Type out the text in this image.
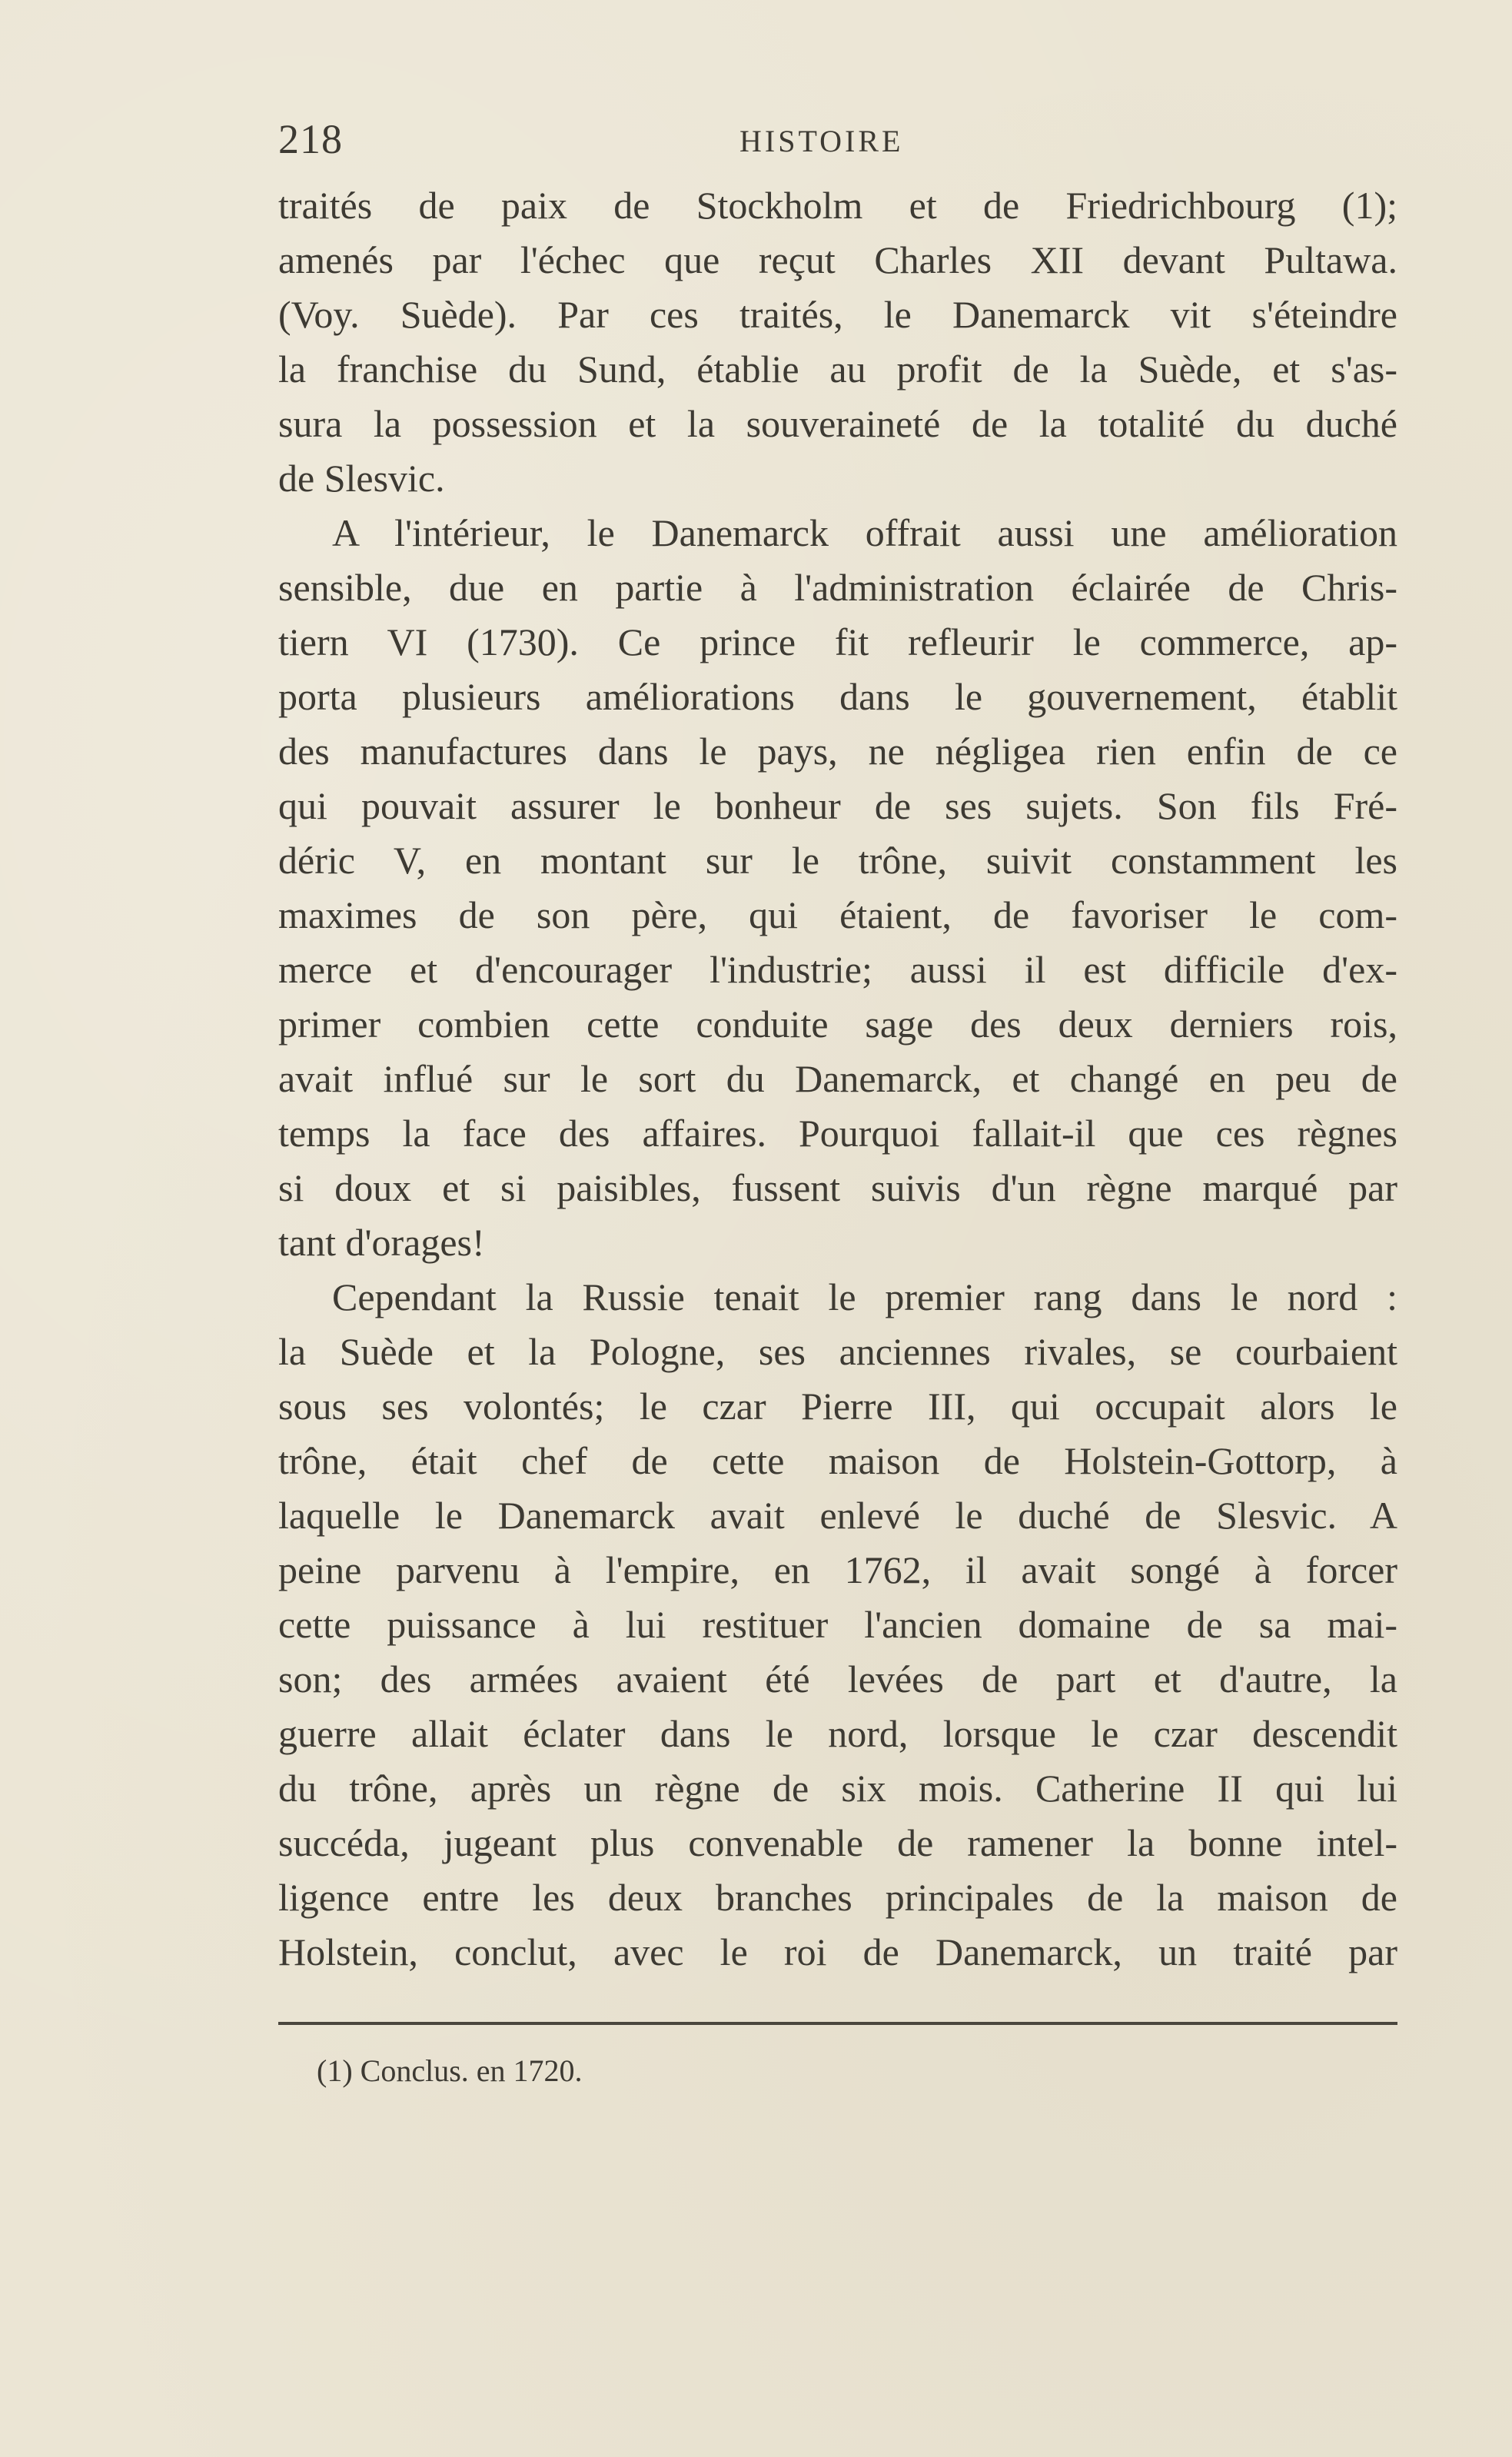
218	HISTOIRE
traités de paix de Stockholm et de Friedrichbourg (1);
amenés par l'échec que reçut Charles XII devant Pultawa.
(Voy. Suède). Par ces traités, le Danemarck vit s'éteindre
la franchise du Sund, établie au profit de la Suède, et s'as-
sura la possession et la souveraineté de la totalité du duché
de Slesvic.
A l'intérieur, le Danemarck offrait aussi une amélioration
sensible, due en partie à l'administration éclairée de Chris-
tiern VI (1730). Ce prince fit refleurir le commerce, ap-
porta plusieurs améliorations dans le gouvernement, établit
des manufactures dans le pays, ne négligea rien enfin de ce
qui pouvait assurer le bonheur de ses sujets. Son fils Fré-
déric V, en montant sur le trône, suivit constamment les
maximes de son père, qui étaient, de favoriser le com-
merce et d'encourager l'industrie; aussi il est difficile d'ex-
primer combien cette conduite sage des deux derniers rois,
avait influé sur le sort du Danemarck, et changé en peu de
temps la face des affaires. Pourquoi fallait-il que ces règnes
si doux et si paisibles, fussent suivis d'un règne marqué par
tant d'orages!
Cependant la Russie tenait le premier rang dans le nord :
la Suède et la Pologne, ses anciennes rivales, se courbaient
sous ses volontés; le czar Pierre III, qui occupait alors le
trône, était chef de cette maison de Holstein-Gottorp, à
laquelle le Danemarck avait enlevé le duché de Slesvic. A
peine parvenu à l'empire, en 1762, il avait songé à forcer
cette puissance à lui restituer l'ancien domaine de sa mai-
son; des armées avaient été levées de part et d'autre, la
guerre allait éclater dans le nord, lorsque le czar descendit
du trône, après un règne de six mois. Catherine II qui lui
succéda, jugeant plus convenable de ramener la bonne intel-
ligence entre les deux branches principales de la maison de
Holstein, conclut, avec le roi de Danemarck, un traité par
(1) Conclus. en 1720.
